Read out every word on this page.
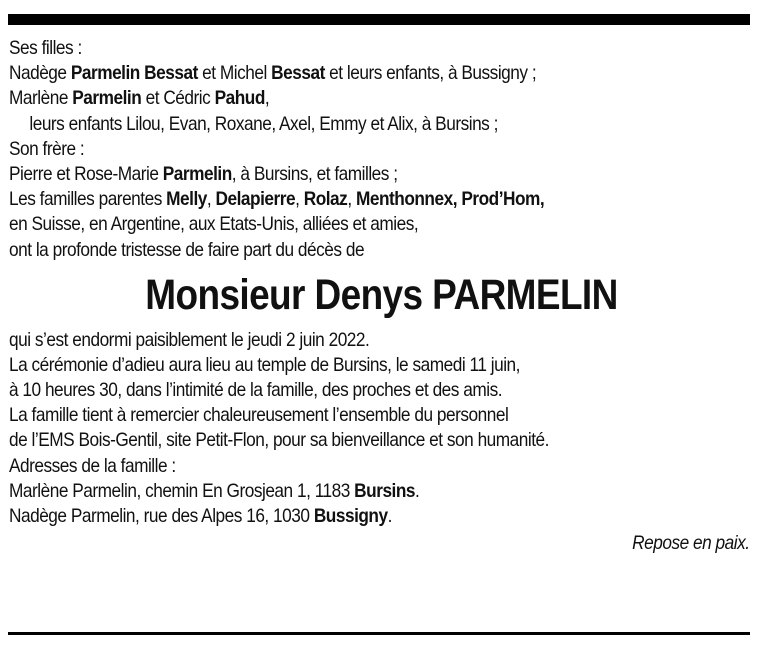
Ses filles :
Nadège Parmelin Bessat et Michel Bessat et leurs enfants, à Bussigny ;
Marlène Parmelin et Cédric Pahud,
leurs enfants Lilou, Evan, Roxane, Axel, Emmy et Alix, à Bursins ;
Son frère :
Pierre et Rose-Marie Parmelin, à Bursins, et familles ;
Les familles parentes Melly, Delapierre, Rolaz, Menthonnex, Prod’Hom,
en Suisse, en Argentine, aux Etats-Unis, alliées et amies,
ont la profonde tristesse de faire part du décès de
Monsieur Denys PARMELIN
qui s’est endormi paisiblement le jeudi 2 juin 2022.
La cérémonie d’adieu aura lieu au temple de Bursins, le samedi 11 juin,
à 10 heures 30, dans l’intimité de la famille, des proches et des amis.
La famille tient à remercier chaleureusement l’ensemble du personnel
de l’EMS Bois-Gentil, site Petit-Flon, pour sa bienveillance et son humanité.
Adresses de la famille :
Marlène Parmelin, chemin En Grosjean 1, 1183 Bursins.
Nadège Parmelin, rue des Alpes 16, 1030 Bussigny.
Repose en paix.
